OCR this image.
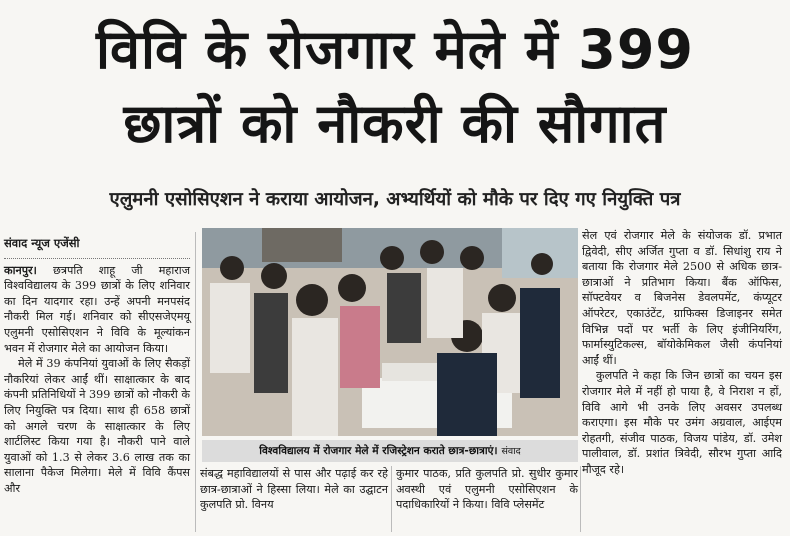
विवि के रोजगार मेले में 399
छात्रों को नौकरी की सौगात
एलुमनी एसोसिएशन ने कराया आयोजन, अभ्यर्थियों को मौके पर दिए गए नियुक्ति पत्र

संवाद न्यूज एजेंसी

कानपुर। छत्रपति शाहू जी महाराज विश्वविद्यालय के 399 छात्रों के लिए शनिवार का दिन यादगार रहा। उन्हें अपनी मनपसंद नौकरी मिल गई। शनिवार को सीएसजेएमयू एलुमनी एसोसिएशन ने विवि के मूल्यांकन भवन में रोजगार मेले का आयोजन किया।

मेले में 39 कंपनियां युवाओं के लिए सैकड़ों नौकरियां लेकर आईं थीं। साक्षात्कार के बाद कंपनी प्रतिनिधियों ने 399 छात्रों को नौकरी के लिए नियुक्ति पत्र दिया। साथ ही 658 छात्रों को अगले चरण के साक्षात्कार के लिए शार्टलिस्ट किया गया है। नौकरी पाने वाले युवाओं को 1.3 से लेकर 3.6 लाख तक का सालाना पैकेज मिलेगा। मेले में विवि कैंपस और

विश्वविद्यालय में रोजगार मेले में रजिस्ट्रेशन कराते छात्र-छात्राएं। संवाद

संबद्ध महाविद्यालयों से पास और पढ़ाई कर रहे छात्र-छात्राओं ने हिस्सा लिया। मेले का उद्घाटन कुलपति प्रो. विनय

कुमार पाठक, प्रति कुलपति प्रो. सुधीर कुमार अवस्थी एवं एलुमनी एसोसिएशन के पदाधिकारियों ने किया। विवि प्लेसमेंट

सेल एवं रोजगार मेले के संयोजक डॉ. प्रभात द्विवेदी, सीए अर्जित गुप्ता व डॉ. सिधांशु राय ने बताया कि रोजगार मेले 2500 से अधिक छात्र-छात्राओं ने प्रतिभाग किया। बैंक ऑफिस, सॉफ्टवेयर व बिजनेस डेवलपमेंट, कंप्यूटर ऑपरेटर, एकाउंटेंट, ग्राफिक्स डिजाइनर समेत विभिन्न पदों पर भर्ती के लिए इंजीनियरिंग, फार्मास्युटिकल्स, बॉयोकेमिकल जैसी कंपनियां आईं थीं।

कुलपति ने कहा कि जिन छात्रों का चयन इस रोजगार मेले में नहीं हो पाया है, वे निराश न हों, विवि आगे भी उनके लिए अवसर उपलब्ध कराएगा। इस मौके पर उमंग अग्रवाल, आईएम रोहतगी, संजीव पाठक, विजय पांडेय, डॉ. उमेश पालीवाल, डॉ. प्रशांत त्रिवेदी, सौरभ गुप्ता आदि मौजूद रहे।
